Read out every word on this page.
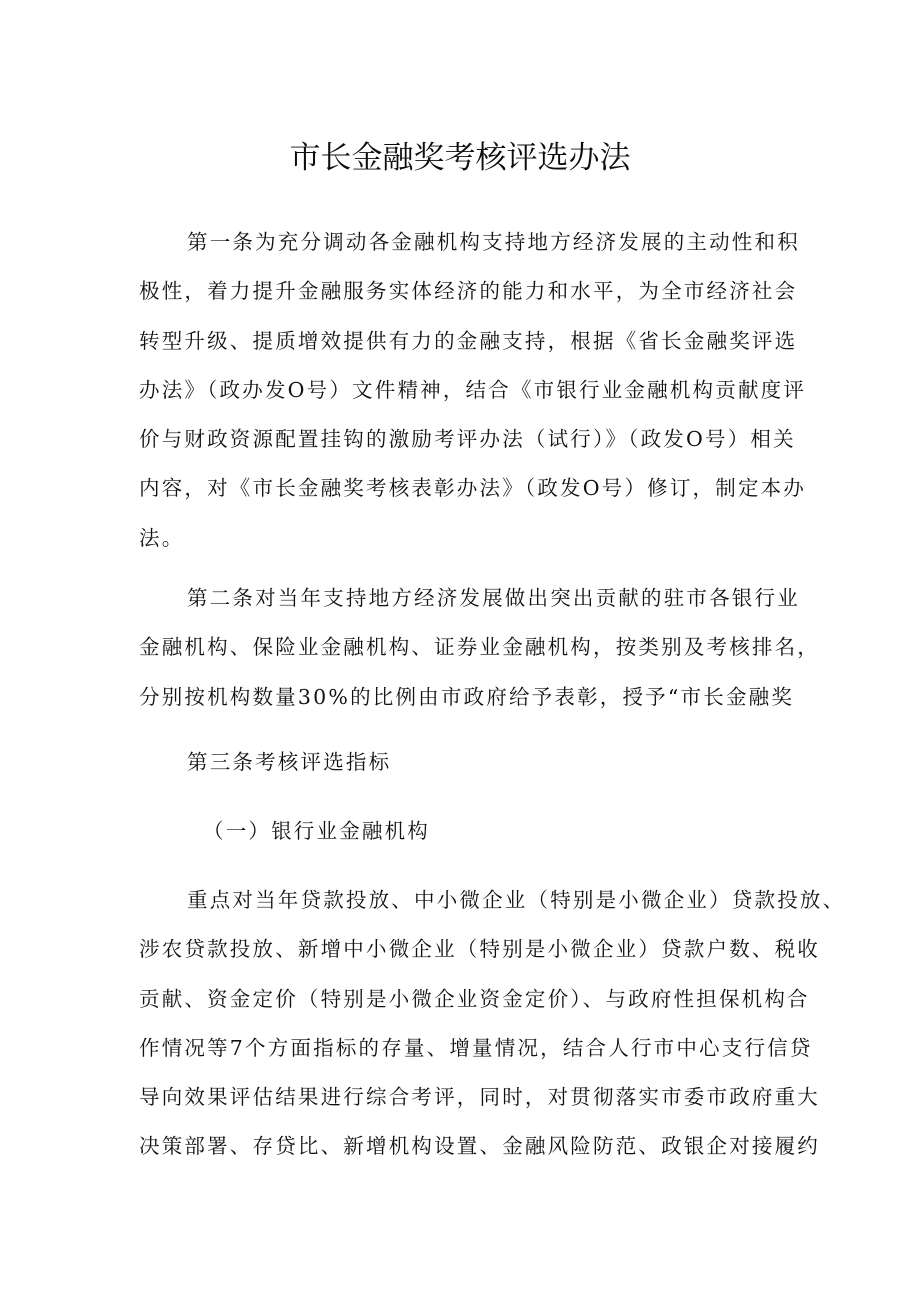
市长金融奖考核评选办法
第一条为充分调动各金融机构支持地方经济发展的主动性和积
极性，着力提升金融服务实体经济的能力和水平，为全市经济社会
转型升级、提质增效提供有力的金融支持，根据《省长金融奖评选
办法》（政办发O号）文件精神，结合《市银行业金融机构贡献度评
价与财政资源配置挂钩的激励考评办法（试行）》（政发O号）相关
内容，对《市长金融奖考核表彰办法》（政发O号）修订，制定本办
法。
第二条对当年支持地方经济发展做出突出贡献的驻市各银行业
金融机构、保险业金融机构、证券业金融机构，按类别及考核排名，
分别按机构数量30%的比例由市政府给予表彰，授予“市长金融奖
第三条考核评选指标
（一）银行业金融机构
重点对当年贷款投放、中小微企业（特别是小微企业）贷款投放、
涉农贷款投放、新增中小微企业（特别是小微企业）贷款户数、税收
贡献、资金定价（特别是小微企业资金定价）、与政府性担保机构合
作情况等7个方面指标的存量、增量情况，结合人行市中心支行信贷
导向效果评估结果进行综合考评，同时，对贯彻落实市委市政府重大
决策部署、存贷比、新增机构设置、金融风险防范、政银企对接履约
